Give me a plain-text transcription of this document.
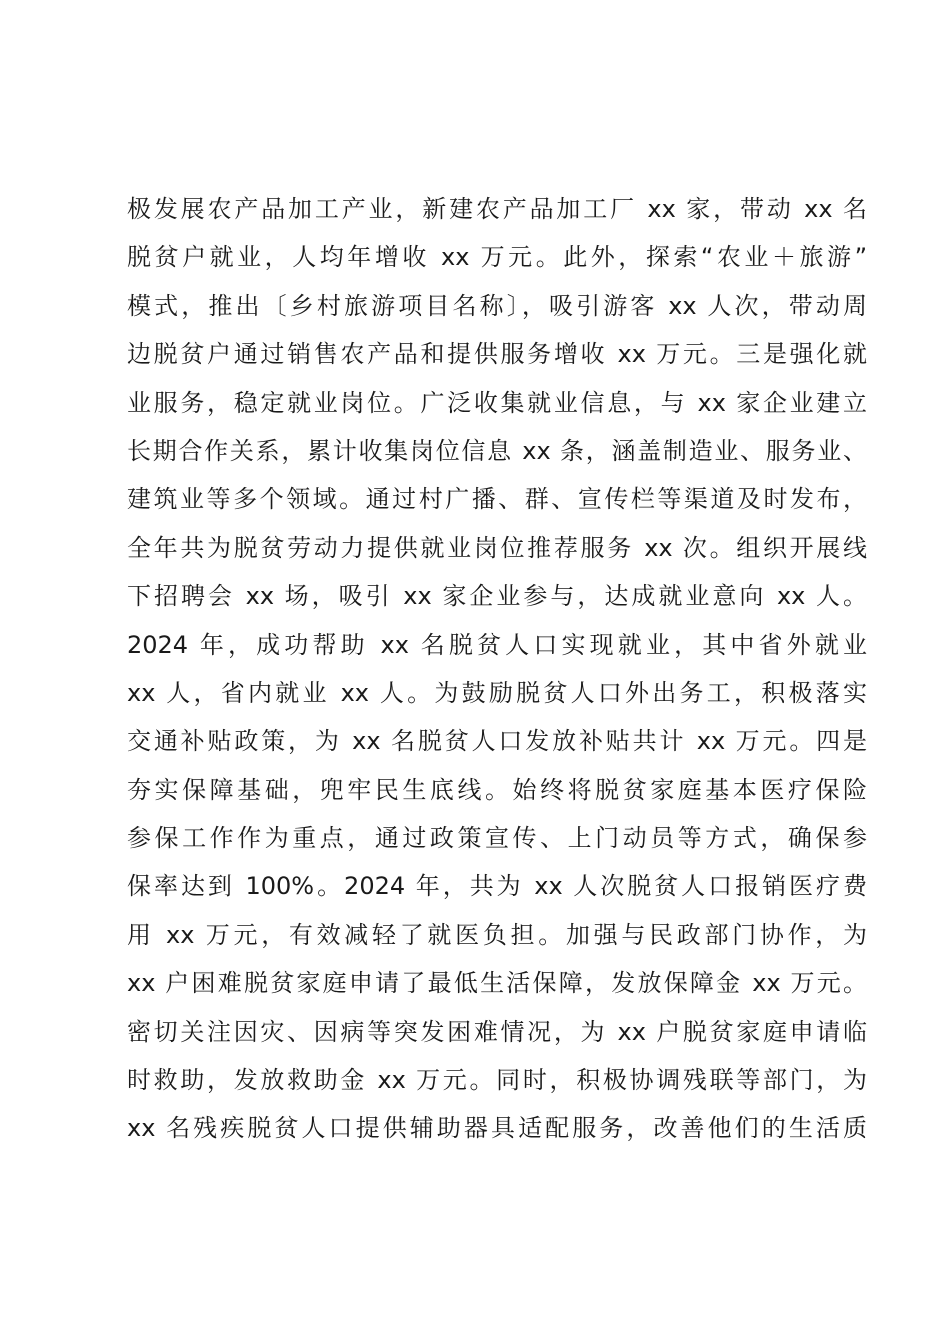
极发展农产品加工产业，新建农产品加工厂 xx 家，带动 xx 名
脱贫户就业，人均年增收 xx 万元。此外，探索“农业＋旅游”
模式，推出〔乡村旅游项目名称〕，吸引游客 xx 人次，带动周
边脱贫户通过销售农产品和提供服务增收 xx 万元。三是强化就
业服务，稳定就业岗位。广泛收集就业信息，与 xx 家企业建立
长期合作关系，累计收集岗位信息 xx 条，涵盖制造业、服务业、
建筑业等多个领域。通过村广播、群、宣传栏等渠道及时发布，
全年共为脱贫劳动力提供就业岗位推荐服务 xx 次。组织开展线
下招聘会 xx 场，吸引 xx 家企业参与，达成就业意向 xx 人。
2024 年，成功帮助 xx 名脱贫人口实现就业，其中省外就业
xx 人，省内就业 xx 人。为鼓励脱贫人口外出务工，积极落实
交通补贴政策，为 xx 名脱贫人口发放补贴共计 xx 万元。四是
夯实保障基础，兜牢民生底线。始终将脱贫家庭基本医疗保险
参保工作作为重点，通过政策宣传、上门动员等方式，确保参
保率达到 100%。2024 年，共为 xx 人次脱贫人口报销医疗费
用 xx 万元，有效减轻了就医负担。加强与民政部门协作，为
xx 户困难脱贫家庭申请了最低生活保障，发放保障金 xx 万元。
密切关注因灾、因病等突发困难情况，为 xx 户脱贫家庭申请临
时救助，发放救助金 xx 万元。同时，积极协调残联等部门，为
xx 名残疾脱贫人口提供辅助器具适配服务，改善他们的生活质
